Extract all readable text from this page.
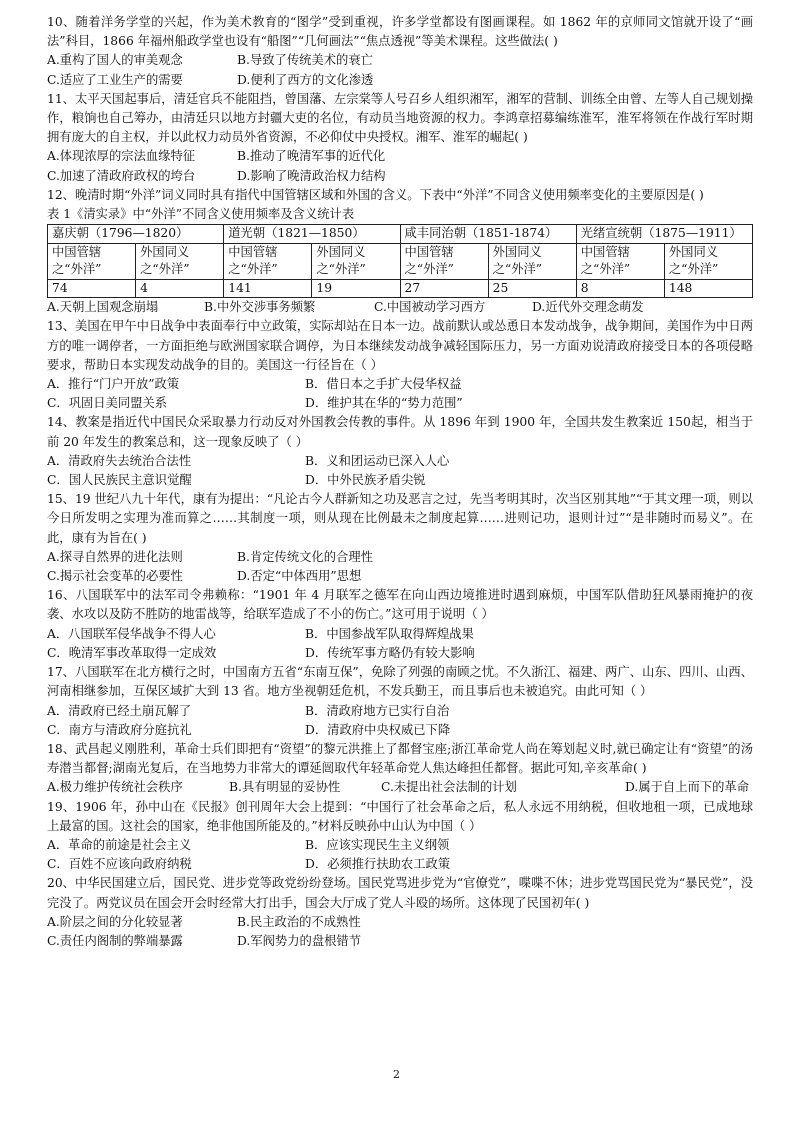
10、随着洋务学堂的兴起，作为美术教育的“图学”受到重视，许多学堂都设有图画课程。如 1862 年的京师同文馆就开设了“画法”科目，1866 年福州船政学堂也设有“船图”“几何画法”“焦点透视”等美术课程。这些做法( )

A.重构了国人的审美观念	B.导致了传统美术的衰亡
C.适应了工业生产的需要	D.便利了西方的文化渗透

11、太平天国起事后，清廷官兵不能阻挡，曾国藩、左宗棠等人号召乡人组织湘军，湘军的营制、训练全由曾、左等人自己规划操作，粮饷也自己筹办，由清廷只以地方封疆大吏的名位，有动员当地资源的权力。李鸿章招募编练淮军，淮军将领在作战行军时期拥有庞大的自主权，并以此权力动员外省资源，不必仰仗中央授权。湘军、淮军的崛起( )

A.体现浓厚的宗法血缘特征	B.推动了晚清军事的近代化
C.加速了清政府政权的垮台	D.影响了晚清政治权力结构

12、晚清时期“外洋”词义同时具有指代中国管辖区域和外国的含义。下表中“外洋”不同含义使用频率变化的主要原因是( )

表 1《清实录》中“外洋”不同含义使用频率及含义统计表

嘉庆朝（1796—1820）		道光朝（1821—1850）		咸丰同治朝（1851-1874）		光绪宣统朝（1875—1911）	
中国管辖之“外洋”	外国同义之“外洋”	中国管辖之“外洋”	外国同义之“外洋”	中国管辖之“外洋”	外国同义之“外洋”	中国管辖之“外洋”	外国同义之“外洋”
74	4	141	19	27	25	8	148
A.天朝上国观念崩塌	B.中外交涉事务频繁	C.中国被动学习西方	D.近代外交理念萌发

13、美国在甲午中日战争中表面奉行中立政策，实际却站在日本一边。战前默认或怂恿日本发动战争，战争期间，美国作为中日两方的唯一调停者，一方面拒绝与欧洲国家联合调停，为日本继续发动战争减轻国际压力，另一方面劝说清政府接受日本的各项侵略要求，帮助日本实现发动战争的目的。美国这一行径旨在（ ）

A．推行“门户开放”政策	B．借日本之手扩大侵华权益
C．巩固日美同盟关系	D．维护其在华的“势力范围”

14、教案是指近代中国民众采取暴力行动反对外国教会传教的事件。从 1896 年到 1900 年，全国共发生教案近 150起，相当于前 20 年发生的教案总和，这一现象反映了（ ）

A．清政府失去统治合法性	B．义和团运动已深入人心
C．国人民族民主意识觉醒	D．中外民族矛盾尖锐

15、19 世纪八九十年代，康有为提出：“凡论古今人群新知之功及恶言之过，先当考明其时，次当区别其地”“于其文理一项，则以今日所发明之实理为准而算之……其制度一项，则从现在比例最未之制度起算……进则记功，退则计过”“是非随时而易义”。在此，康有为旨在( )

A.探寻自然界的进化法则	B.肯定传统文化的合理性
C.揭示社会变革的必要性	D.否定“中体西用”思想

16、八国联军中的法军司令弗赖称：“1901 年 4 月联军之德军在向山西边境推进时遇到麻烦，中国军队借助狂风暴雨掩护的夜袭、水攻以及防不胜防的地雷战等，给联军造成了不小的伤亡。”这可用于说明（ ）

A．八国联军侵华战争不得人心	B．中国参战军队取得辉煌战果
C．晚清军事改革取得一定成效	D．传统军事方略仍有较大影响

17、八国联军在北方横行之时，中国南方五省“东南互保”，免除了列强的南顾之忧。不久浙江、福建、两广、山东、四川、山西、河南相继参加，互保区域扩大到 13 省。地方坐视朝廷危机，不发兵勤王，而且事后也未被追究。由此可知（ ）

A．清政府已经土崩瓦解了	B．清政府地方已实行自治
C．南方与清政府分庭抗礼	D．清政府中央权威已下降

18、武昌起义刚胜利，革命士兵们即把有“资望”的黎元洪推上了都督宝座;浙江革命党人尚在筹划起义时,就已确定让有“资望”的汤寿潜当都督;湖南光复后，在当地势力非常大的谭延闿取代年轻革命党人焦达峰担任都督。据此可知,辛亥革命( )

A.极力维护传统社会秩序	B.具有明显的妥协性	C.未提出社会法制的计划	D.属于自上而下的革命

19、1906 年，孙中山在《民报》创刊周年大会上提到：“中国行了社会革命之后，私人永远不用纳税，但收地租一项，已成地球上最富的国。这社会的国家，绝非他国所能及的。”材料反映孙中山认为中国（ ）

A．革命的前途是社会主义	B．应该实现民生主义纲领
C．百姓不应该向政府纳税	D．必须推行扶助农工政策

20、中华民国建立后，国民党、进步党等政党纷纷登场。国民党骂进步党为“官僚党”，喋喋不休；进步党骂国民党为“暴民党”，没完没了。两党议员在国会开会时经常大打出手，国会大厅成了党人斗殴的场所。这体现了民国初年( )

A.阶层之间的分化较显著	B.民主政治的不成熟性
C.责任内阁制的弊端暴露	D.军阀势力的盘根错节
2
